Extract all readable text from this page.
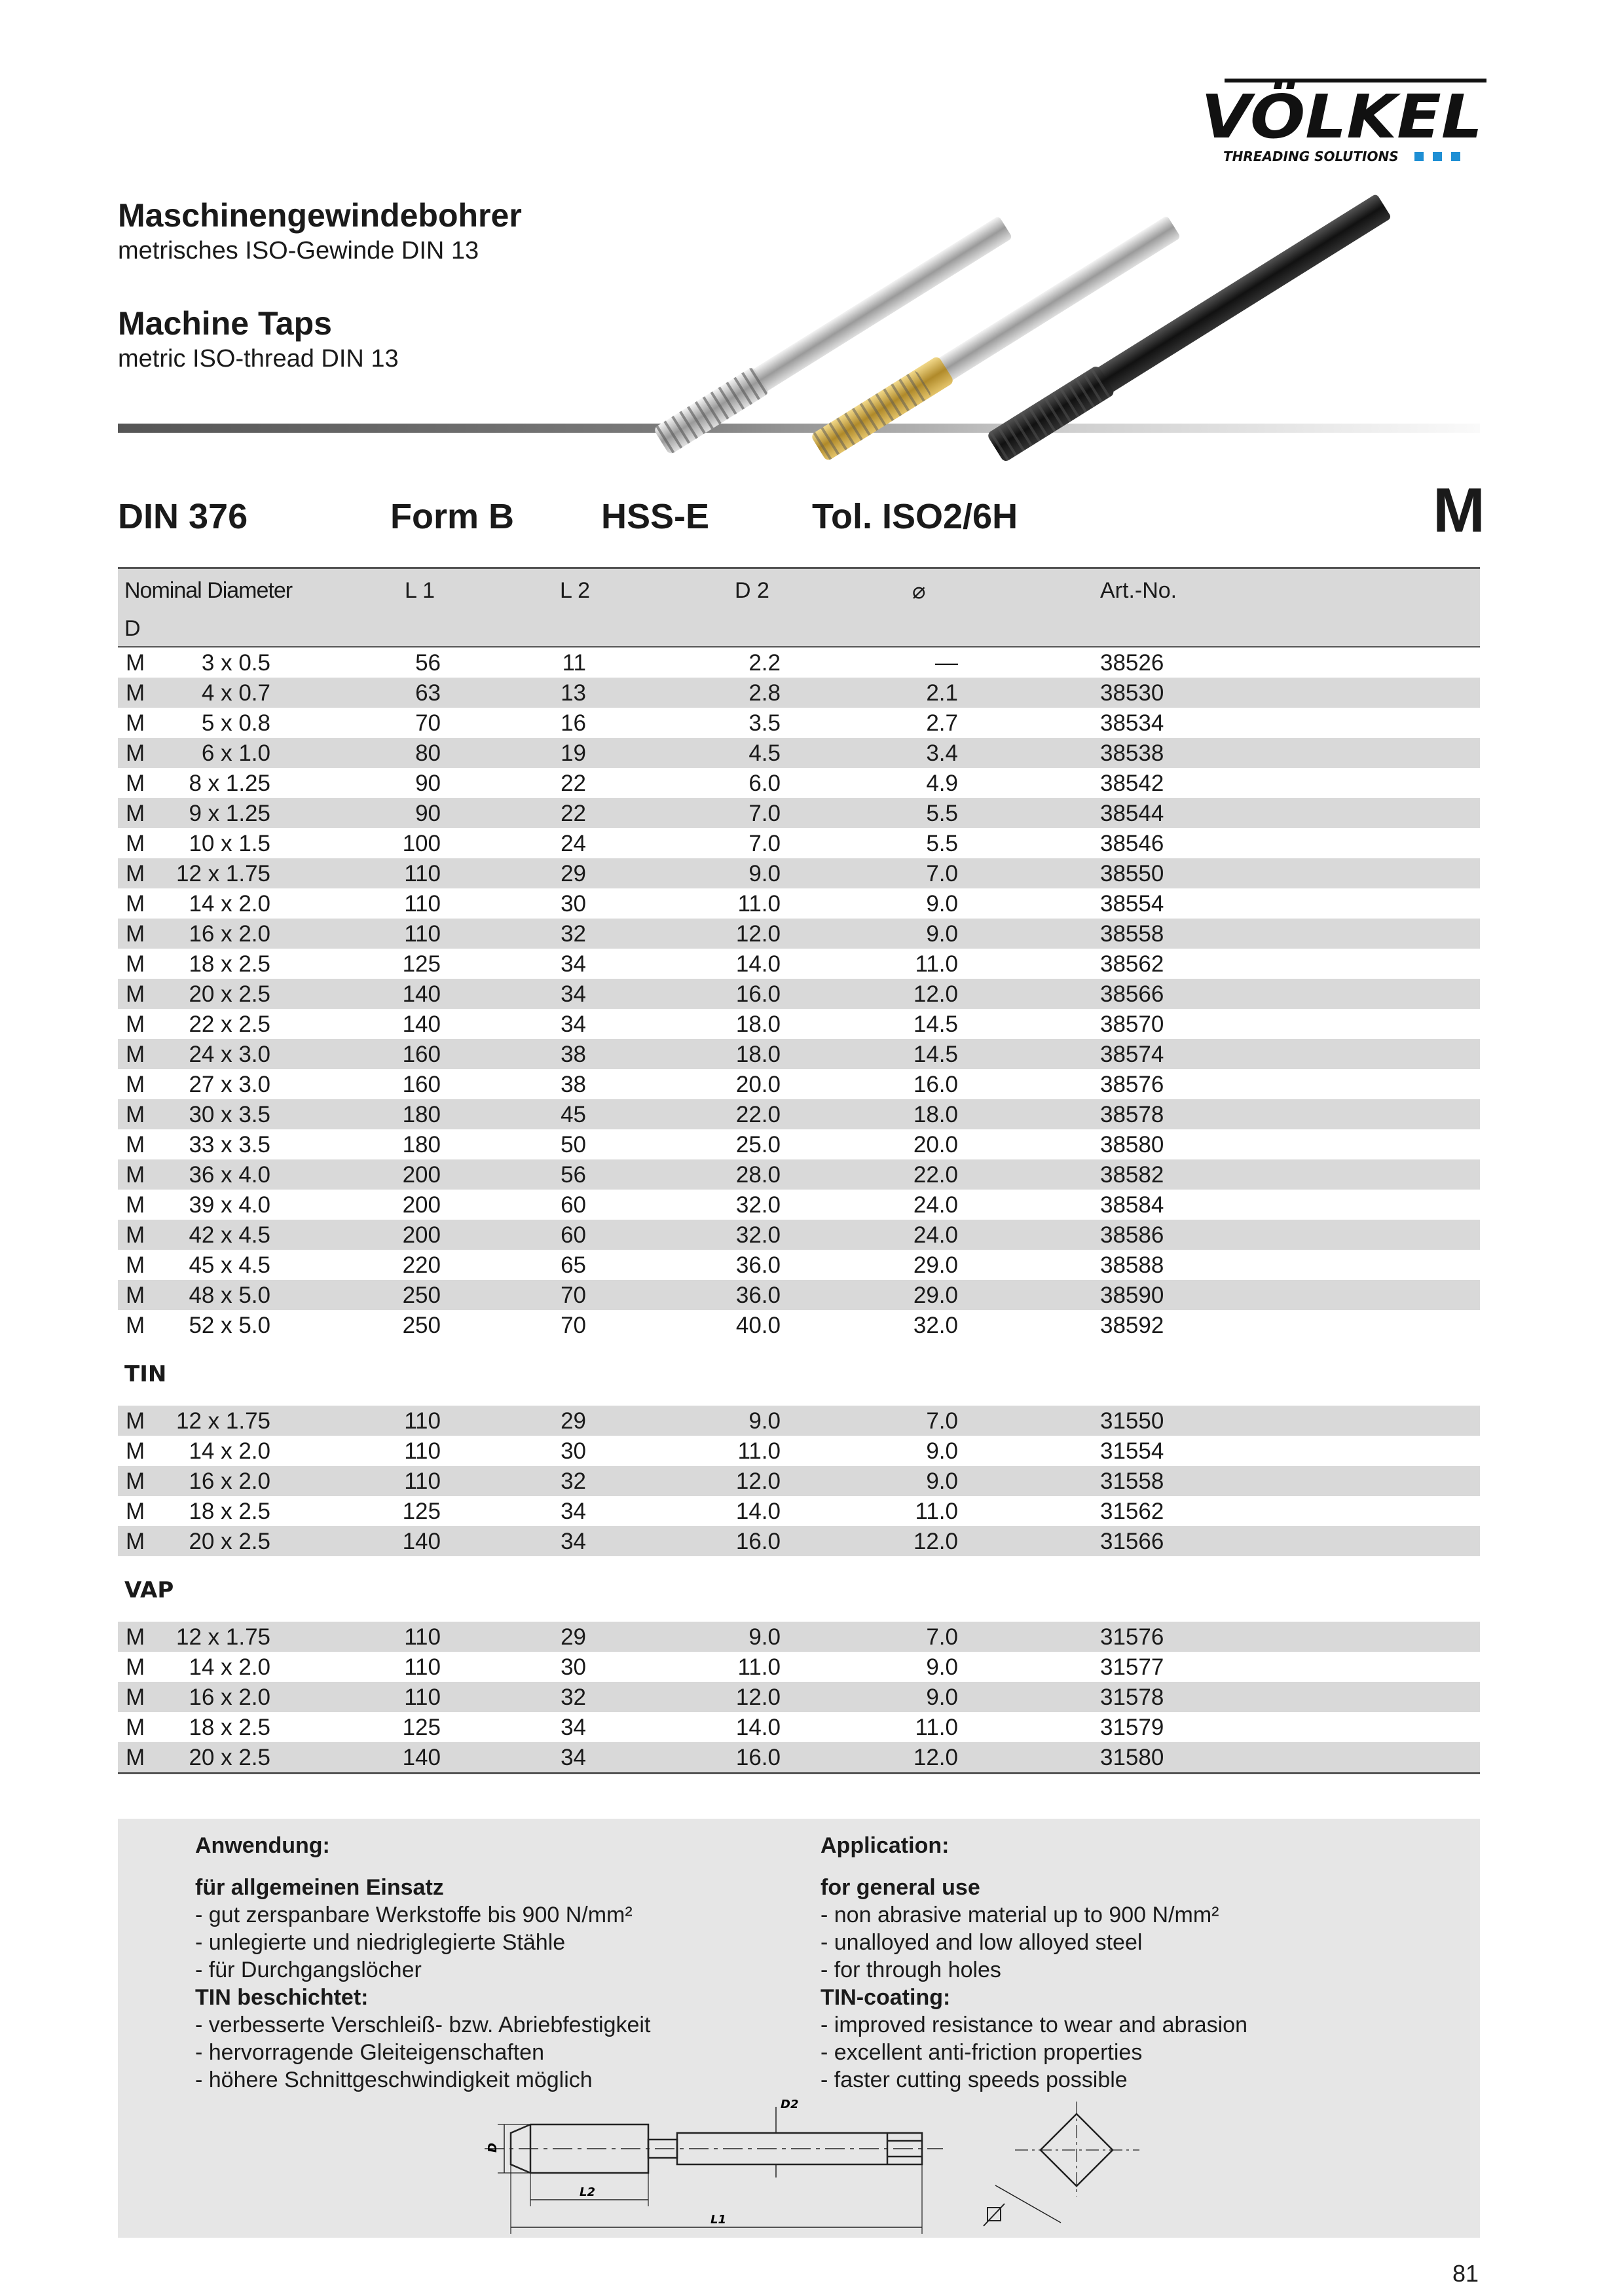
VÖLKEL
THREADING SOLUTIONS
Maschinengewindebohrer
metrisches ISO-Gewinde DIN 13
Machine Taps
metric ISO-thread DIN 13
DIN 376	Form B HSS-E	Tol. ISO2/6H	M
Nominal Diameter
D
L 1	L 2	D 2	⌀	Art.-No.
M	3 x 0.5	56	11	2.2	—	38526
M	4 x 0.7	63	13	2.8	2.1	38530
M	5 x 0.8	70	16	3.5	2.7	38534
M	6 x 1.0	80	19	4.5	3.4	38538
M	8 x 1.25	90	22	6.0	4.9	38542
M	9 x 1.25	90	22	7.0	5.5	38544
M	10 x 1.5	100	24	7.0	5.5	38546
M	12 x 1.75	110	29	9.0	7.0	38550
M	14 x 2.0	110	30	11.0	9.0	38554
M	16 x 2.0	110	32	12.0	9.0	38558
M	18 x 2.5	125	34	14.0	11.0	38562
M	20 x 2.5	140	34	16.0	12.0	38566
M	22 x 2.5	140	34	18.0	14.5	38570
M	24 x 3.0	160	38	18.0	14.5	38574
M	27 x 3.0	160	38	20.0	16.0	38576
M	30 x 3.5	180	45	22.0	18.0	38578
M	33 x 3.5	180	50	25.0	20.0	38580
M	36 x 4.0	200	56	28.0	22.0	38582
M	39 x 4.0	200	60	32.0	24.0	38584
M	42 x 4.5	200	60	32.0	24.0	38586
M	45 x 4.5	220	65	36.0	29.0	38588
M	48 x 5.0	250	70	36.0	29.0	38590
M	52 x 5.0	250	70	40.0	32.0	38592
TIN
M	12 x 1.75	110	29	9.0	7.0	31550
M	14 x 2.0	110	30	11.0	9.0	31554
M	16 x 2.0	110	32	12.0	9.0	31558
M	18 x 2.5	125	34	14.0	11.0	31562
M	20 x 2.5	140	34	16.0	12.0	31566
VAP
M	12 x 1.75	110	29	9.0	7.0	31576
M	14 x 2.0	110	30	11.0	9.0	31577
M	16 x 2.0	110	32	12.0	9.0	31578
M	18 x 2.5	125	34	14.0	11.0	31579
M	20 x 2.5	140	34	16.0	12.0	31580
Anwendung:
für allgemeinen Einsatz
- gut zerspanbare Werkstoffe bis 900 N/mm²
- unlegierte und niedriglegierte Stähle
- für Durchgangslöcher
TIN beschichtet:
- verbesserte Verschleiß- bzw. Abriebfestigkeit
- hervorragende Gleiteigenschaften
- höhere Schnittgeschwindigkeit möglich
Application:
for general use
- non abrasive material up to 900 N/mm²
- unalloyed and low alloyed steel
- for through holes
TIN-coating:
- improved resistance to wear and abrasion
- excellent anti-friction properties
- faster cutting speeds possible
D
D2
L2
L1
81
